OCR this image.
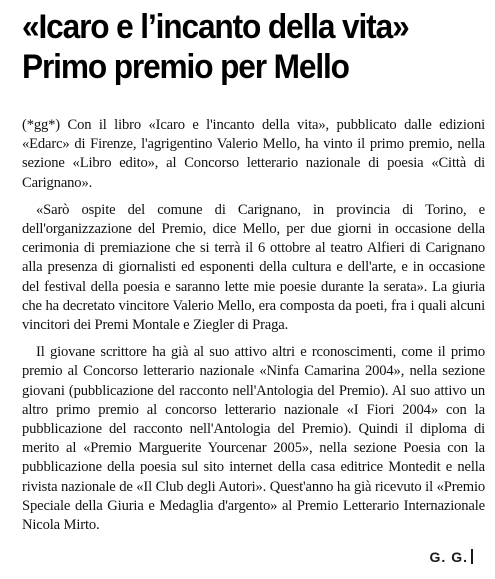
«Icaro e l’incanto della vita»
Primo premio per Mello

(*gg*) Con il libro «Icaro e l'incanto della vita», pubblicato dalle edizioni «Edarc» di Firenze, l'agrigentino Valerio Mello, ha vinto il primo premio, nella sezione «Libro edito», al Concorso letterario nazionale di poesia «Città di Carignano».

«Sarò ospite del comune di Carignano, in provincia di Torino, e dell'organizzazione del Premio, dice Mello, per due giorni in occasione della cerimonia di premiazione che si terrà il 6 ottobre al teatro Alfieri di Carignano alla presenza di giornalisti ed esponenti della cultura e dell'arte, e in occasione del festival della poesia e saranno lette mie poesie durante la serata». La giuria che ha decretato vincitore Valerio Mello, era composta da poeti, fra i quali alcuni vincitori dei Premi Montale e Ziegler di Praga.

Il giovane scrittore ha già al suo attivo altri e rconoscimenti, come il primo premio al Concorso letterario nazionale «Ninfa Camarina 2004», nella sezione giovani (pubblicazione del racconto nell'Antologia del Premio). Al suo attivo un altro primo premio al concorso letterario nazionale «I Fiori 2004» con la pubblicazione del racconto nell'Antologia del Premio). Quindi il diploma di merito al «Premio Marguerite Yourcenar 2005», nella sezione Poesia con la pubblicazione della poesia sul sito internet della casa editrice Montedit e nella rivista nazionale de «Il Club degli Autori». Quest'anno ha già ricevuto il «Premio Speciale della Giuria e Medaglia d'argento» al Premio Letterario Internazionale Nicola Mirto.

G. G.
